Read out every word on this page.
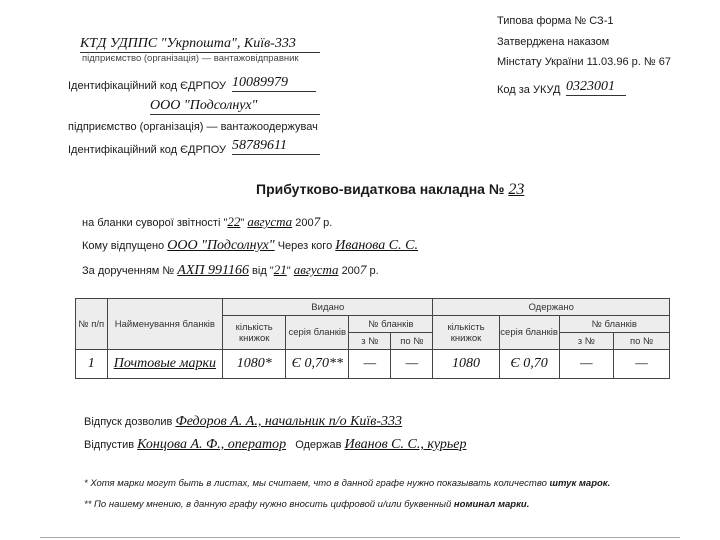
КТД УДППС "Укрпошта", Київ-333
підприємство (організація) — вантажовідправник
Ідентифікаційний код ЄДРПОУ 10089979
ООО "Подсолнух"
підприємство (організація) — вантажоодержувач
Ідентифікаційний код ЄДРПОУ 58789611
Типова форма № СЗ-1
Затверджена наказом
Мінстату України 11.03.96 р. № 67
Код за УКУД 0323001
Прибутково-видаткова накладна № 23
на бланки суворої звітності "22" августа 2007 р.
Кому відпущено ООО "Подсолнух" Через кого Иванова С. С.
За дорученням № АХП 991166 від "21" августа 2007 р.
№ п/п	Найменування бланків	Видано				Одержано			
		кількість книжок	серія бланків	№ бланків		кількість книжок	серія бланків	№ бланків	
				з №	по №			з №	по №
1	Почтовые марки	1080*	Є 0,70**	—	—	1080	Є 0,70	—	—
Відпуск дозволив Федоров А. А., начальник п/о Київ-333
Відпустив Концова А. Ф., оператор Одержав Иванов С. С., курьер
* Хотя марки могут быть в листах, мы считаем, что в данной графе нужно показывать количество штук марок.
** По нашему мнению, в данную графу нужно вносить цифровой и/или буквенный номинал марки.
